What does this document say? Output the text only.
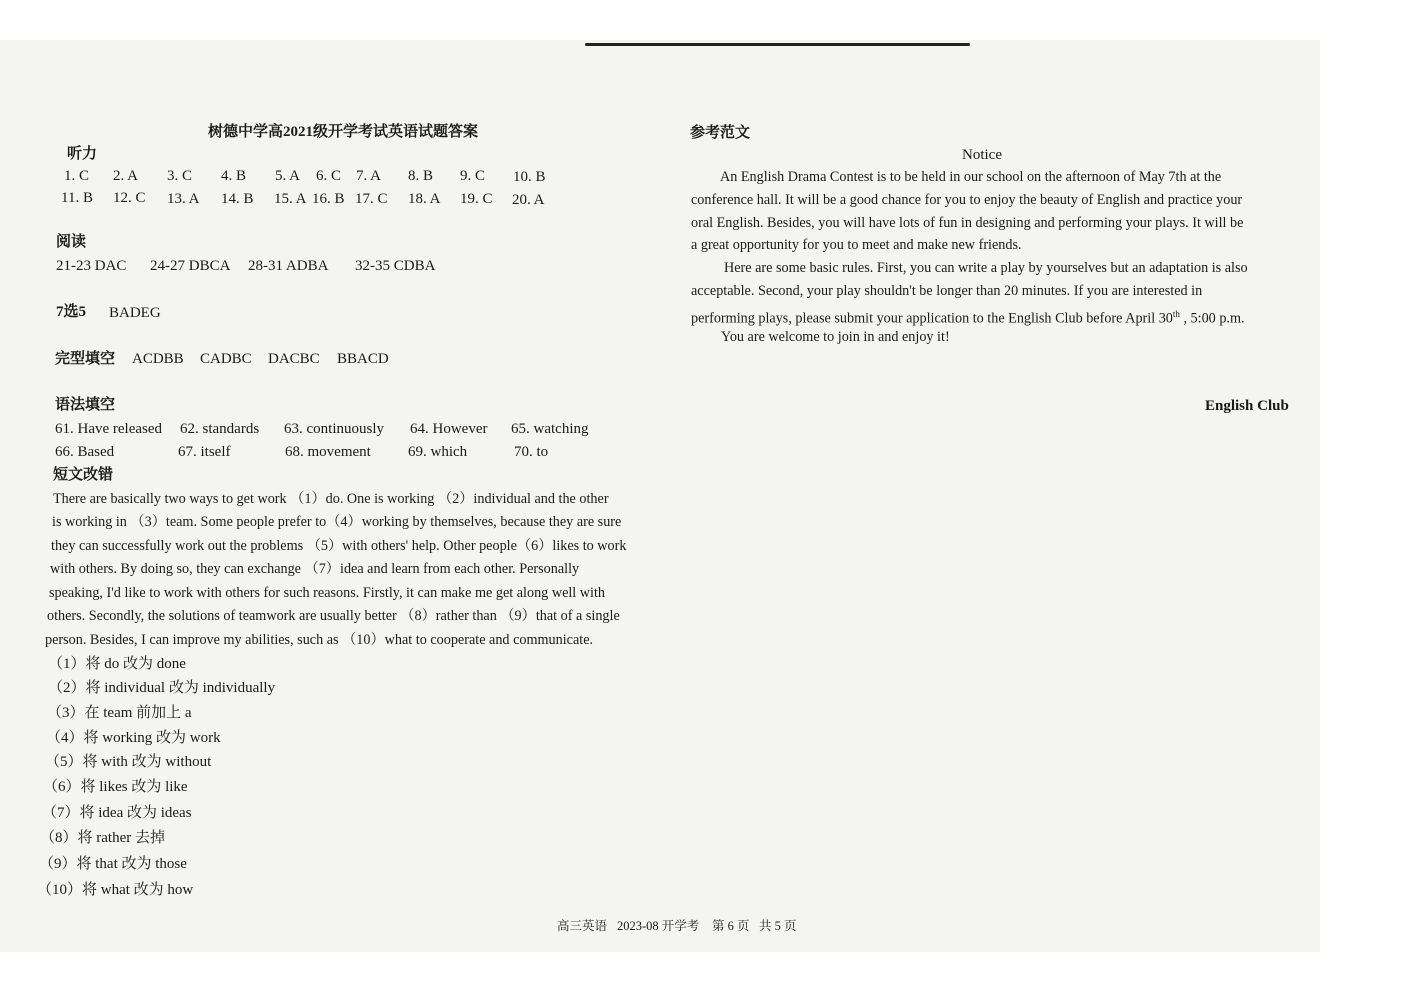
树德中学高2021级开学考试英语试题答案
听力
1. C 2. A 3. C 4. B 5. A 6. C 7. A 8. B 9. C 10. B
11. B 12. C 13. A 14. B 15. A 16. B 17. C 18. A 19. C 20. A
阅读
21-23 DAC 24-27 DBCA 28-31 ADBA 32-35 CDBA
7选5 BADEG
完型填空 ACDBB CADBC DACBC BBACD
语法填空
61. Have released 62. standards 63. continuously 64. However 65. watching
66. Based	67. itself	68. movement 69. which	70. to
短文改错
There are basically two ways to get work （1）do. One is working （2）individual and the other
is working in （3）team. Some people prefer to（4）working by themselves, because they are sure
they can successfully work out the problems （5）with others' help. Other people（6）likes to work
with others. By doing so, they can exchange （7）idea and learn from each other. Personally
speaking, I'd like to work with others for such reasons. Firstly, it can make me get along well with
others. Secondly, the solutions of teamwork are usually better （8）rather than （9）that of a single
person. Besides, I can improve my abilities, such as （10）what to cooperate and communicate.
（1）将 do 改为 done
（2）将 individual 改为 individually
（3）在 team 前加上 a
（4）将 working 改为 work
（5）将 with 改为 without
（6）将 likes 改为 like
（7）将 idea 改为 ideas
（8）将 rather 去掉
（9）将 that 改为 those
（10）将 what 改为 how
参考范文
Notice
An English Drama Contest is to be held in our school on the afternoon of May 7th at the
conference hall. It will be a good chance for you to enjoy the beauty of English and practice your
oral English. Besides, you will have lots of fun in designing and performing your plays. It will be
a great opportunity for you to meet and make new friends.
Here are some basic rules. First, you can write a play by yourselves but an adaptation is also
acceptable. Second, your play shouldn't be longer than 20 minutes. If you are interested in
performing plays, please submit your application to the English Club before April 30th , 5:00 p.m.
You are welcome to join in and enjoy it!
English Club
高三英语 2023-08 开学考 第 6 页 共 5 页
